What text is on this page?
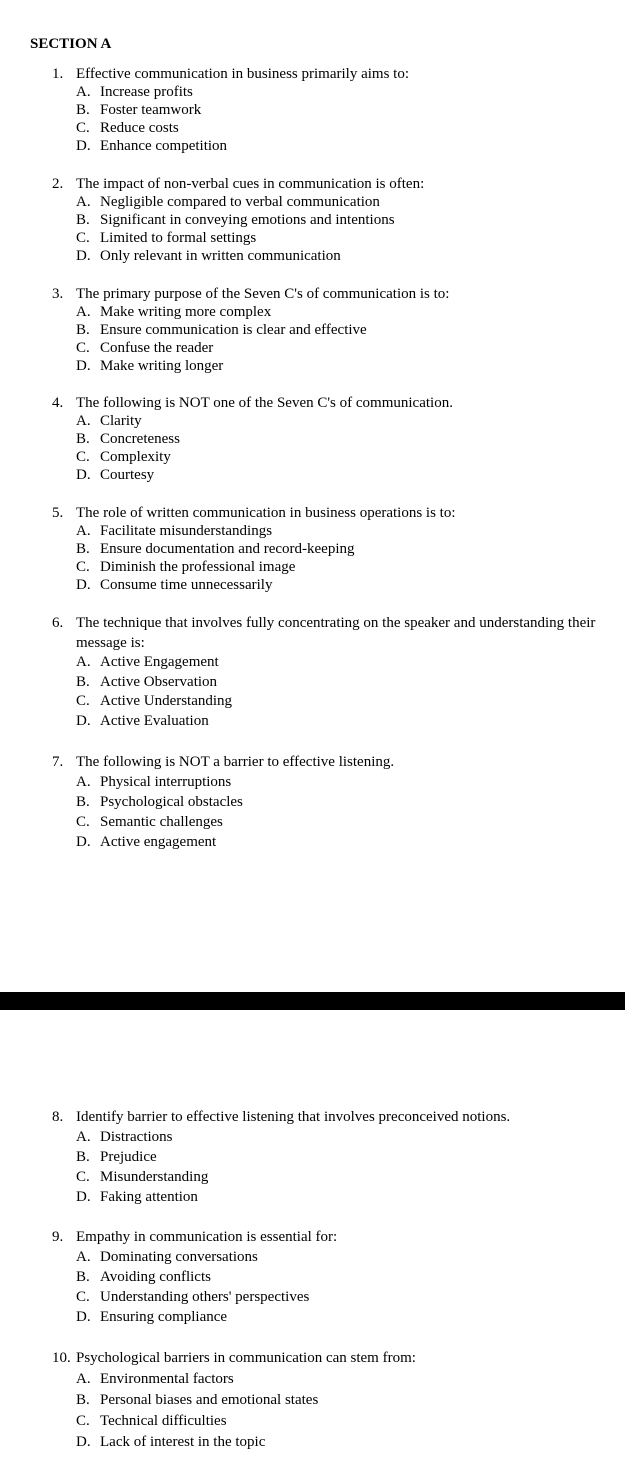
SECTION A
1. Effective communication in business primarily aims to:
A. Increase profits
B. Foster teamwork
C. Reduce costs
D. Enhance competition
2. The impact of non-verbal cues in communication is often:
A. Negligible compared to verbal communication
B. Significant in conveying emotions and intentions
C. Limited to formal settings
D. Only relevant in written communication
3. The primary purpose of the Seven C's of communication is to:
A. Make writing more complex
B. Ensure communication is clear and effective
C. Confuse the reader
D. Make writing longer
4. The following is NOT one of the Seven C's of communication.
A. Clarity
B. Concreteness
C. Complexity
D. Courtesy
5. The role of written communication in business operations is to:
A. Facilitate misunderstandings
B. Ensure documentation and record-keeping
C. Diminish the professional image
D. Consume time unnecessarily
6. The technique that involves fully concentrating on the speaker and understanding their message is:
A. Active Engagement
B. Active Observation
C. Active Understanding
D. Active Evaluation
7. The following is NOT a barrier to effective listening.
A. Physical interruptions
B. Psychological obstacles
C. Semantic challenges
D. Active engagement
8. Identify barrier to effective listening that involves preconceived notions.
A. Distractions
B. Prejudice
C. Misunderstanding
D. Faking attention
9. Empathy in communication is essential for:
A. Dominating conversations
B. Avoiding conflicts
C. Understanding others' perspectives
D. Ensuring compliance
10. Psychological barriers in communication can stem from:
A. Environmental factors
B. Personal biases and emotional states
C. Technical difficulties
D. Lack of interest in the topic
